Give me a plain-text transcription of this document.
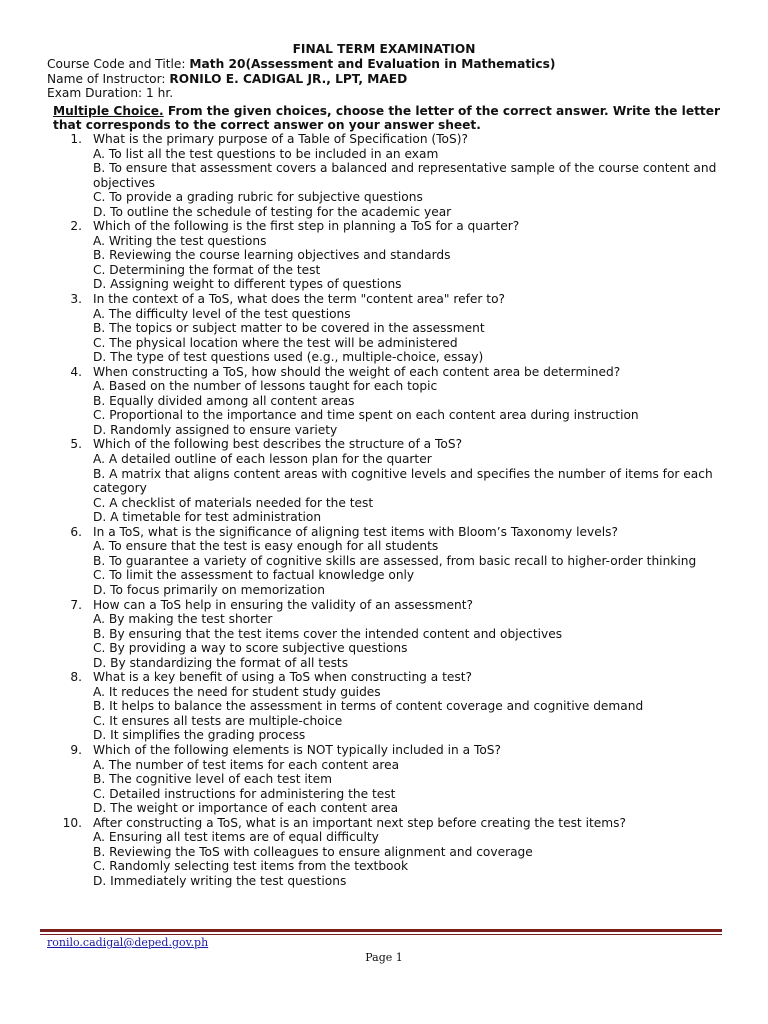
FINAL TERM EXAMINATION
Course Code and Title: Math 20(Assessment and Evaluation in Mathematics)
Name of Instructor: RONILO E. CADIGAL JR., LPT, MAED
Exam Duration: 1 hr.
Multiple Choice. From the given choices, choose the letter of the correct answer. Write the letter that corresponds to the correct answer on your answer sheet.
1. What is the primary purpose of a Table of Specification (ToS)?
A. To list all the test questions to be included in an exam
B. To ensure that assessment covers a balanced and representative sample of the course content and objectives
C. To provide a grading rubric for subjective questions
D. To outline the schedule of testing for the academic year
2. Which of the following is the first step in planning a ToS for a quarter?
A. Writing the test questions
B. Reviewing the course learning objectives and standards
C. Determining the format of the test
D. Assigning weight to different types of questions
3. In the context of a ToS, what does the term "content area" refer to?
A. The difficulty level of the test questions
B. The topics or subject matter to be covered in the assessment
C. The physical location where the test will be administered
D. The type of test questions used (e.g., multiple-choice, essay)
4. When constructing a ToS, how should the weight of each content area be determined?
A. Based on the number of lessons taught for each topic
B. Equally divided among all content areas
C. Proportional to the importance and time spent on each content area during instruction
D. Randomly assigned to ensure variety
5. Which of the following best describes the structure of a ToS?
A. A detailed outline of each lesson plan for the quarter
B. A matrix that aligns content areas with cognitive levels and specifies the number of items for each category
C. A checklist of materials needed for the test
D. A timetable for test administration
6. In a ToS, what is the significance of aligning test items with Bloom’s Taxonomy levels?
A. To ensure that the test is easy enough for all students
B. To guarantee a variety of cognitive skills are assessed, from basic recall to higher-order thinking
C. To limit the assessment to factual knowledge only
D. To focus primarily on memorization
7. How can a ToS help in ensuring the validity of an assessment?
A. By making the test shorter
B. By ensuring that the test items cover the intended content and objectives
C. By providing a way to score subjective questions
D. By standardizing the format of all tests
8. What is a key benefit of using a ToS when constructing a test?
A. It reduces the need for student study guides
B. It helps to balance the assessment in terms of content coverage and cognitive demand
C. It ensures all tests are multiple-choice
D. It simplifies the grading process
9. Which of the following elements is NOT typically included in a ToS?
A. The number of test items for each content area
B. The cognitive level of each test item
C. Detailed instructions for administering the test
D. The weight or importance of each content area
10. After constructing a ToS, what is an important next step before creating the test items?
A. Ensuring all test items are of equal difficulty
B. Reviewing the ToS with colleagues to ensure alignment and coverage
C. Randomly selecting test items from the textbook
D. Immediately writing the test questions
ronilo.cadigal@deped.gov.ph
Page 1
